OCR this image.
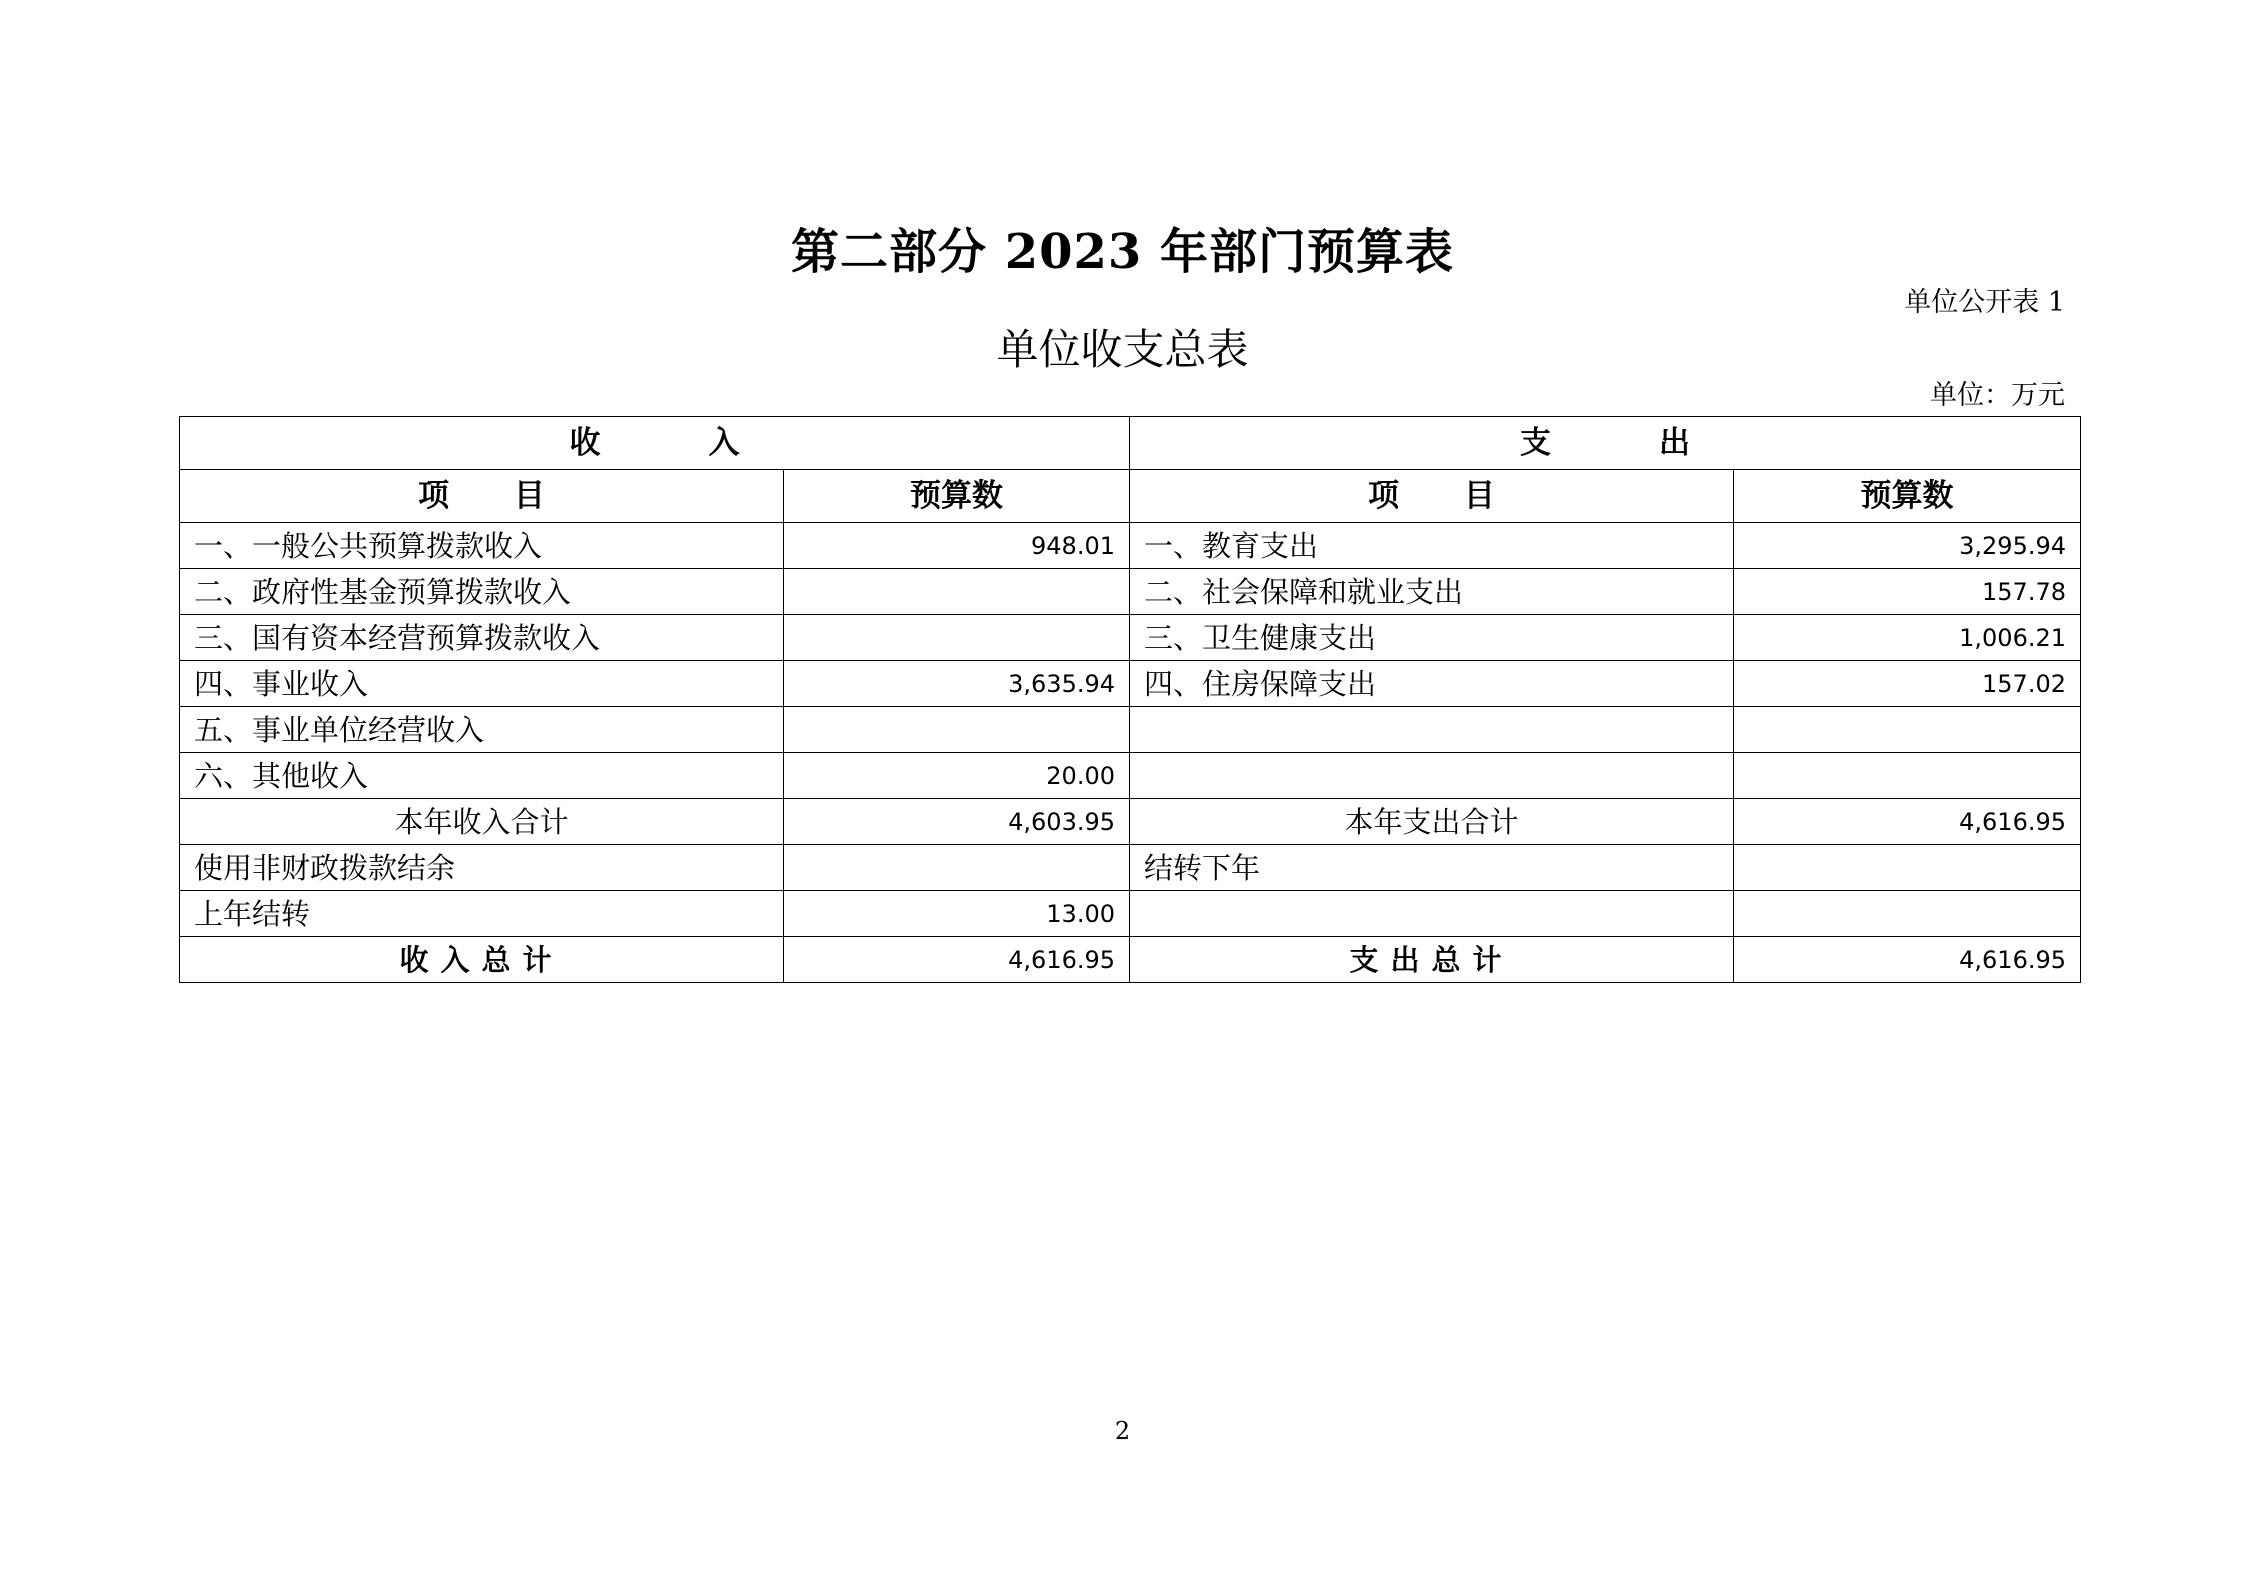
第二部分 2023 年部门预算表
单位公开表 1
单位收支总表
单位：万元
收          入		支          出	
项      目	预算数	项      目	预算数
一、一般公共预算拨款收入	948.01	一、教育支出	3,295.94
二、政府性基金预算拨款收入		二、社会保障和就业支出	157.78
三、国有资本经营预算拨款收入		三、卫生健康支出	1,006.21
四、事业收入	3,635.94	四、住房保障支出	157.02
五、事业单位经营收入			
六、其他收入	20.00		
本年收入合计	4,603.95	本年支出合计	4,616.95
使用非财政拨款结余		结转下年	
上年结转	13.00		
收入总计	4,616.95	支出总计	4,616.95
2
